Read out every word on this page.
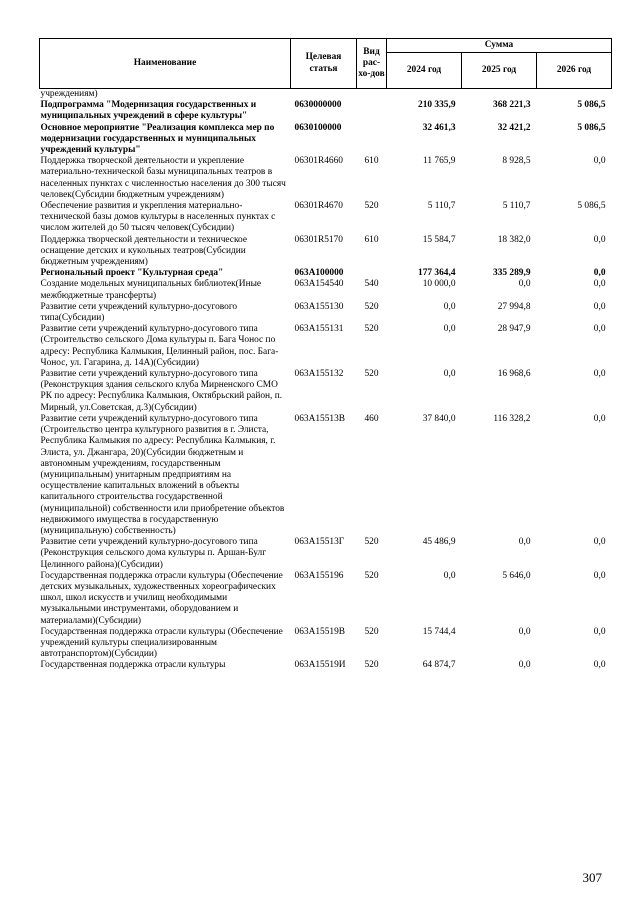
Наименование	Целевая статья	Вид рас-хо-дов	Сумма		
			2024 год	2025 год	2026 год
учреждениям)					
Подпрограмма "Модернизация государственных и муниципальных учреждений в сфере культуры"	0630000000		210 335,9	368 221,3	5 086,5
Основное мероприятие "Реализация комплекса мер по модернизации государственных и муниципальных учреждений культуры"	0630100000		32 461,3	32 421,2	5 086,5
Поддержка творческой деятельности и укрепление материально-технической базы муниципальных театров в населенных пунктах с численностью населения до 300 тысяч человек(Субсидии бюджетным учреждениям)	06301R4660	610	11 765,9	8 928,5	0,0
Обеспечение развития и укрепления материально-технической базы домов культуры в населенных пунктах с числом жителей до 50 тысяч человек(Субсидии)	06301R4670	520	5 110,7	5 110,7	5 086,5
Поддержка творческой деятельности и техническое оснащение детских и кукольных театров(Субсидии бюджетным учреждениям)	06301R5170	610	15 584,7	18 382,0	0,0
Региональный проект "Культурная среда"	063A100000		177 364,4	335 289,9	0,0
Создание модельных муниципальных библиотек(Иные межбюджетные трансферты)	063A154540	540	10 000,0	0,0	0,0
Развитие сети учреждений культурно-досугового типа(Субсидии)	063A155130	520	0,0	27 994,8	0,0
Развитие сети учреждений культурно-досугового типа (Строительство сельского Дома культуры п. Бага Чонос по адресу: Республика Калмыкия, Целинный район, пос. Бага-Чонос, ул. Гагарина, д. 14А)(Субсидии)	063A155131	520	0,0	28 947,9	0,0
Развитие сети учреждений культурно-досугового типа (Реконструкция здания сельского клуба Мирненского СМО РК по адресу: Республика Калмыкия, Октябрьский район, п. Мирный, ул.Советская, д.3)(Субсидии)	063A155132	520	0,0	16 968,6	0,0
Развитие сети учреждений культурно-досугового типа (Строительство центра культурного развития в г. Элиста, Республика Калмыкия по адресу: Республика Калмыкия, г. Элиста, ул. Джангара, 20)(Субсидии бюджетным и автономным учреждениям, государственным (муниципальным) унитарным предприятиям на осуществление капитальных вложений в объекты капитального строительства государственной (муниципальной) собственности или приобретение объектов недвижимого имущества в государственную (муниципальную) собственность)	063A15513В	460	37 840,0	116 328,2	0,0
Развитие сети учреждений культурно-досугового типа (Реконструкция сельского дома культуры п. Аршан-Булг Целинного района)(Субсидии)	063A15513Г	520	45 486,9	0,0	0,0
Государственная поддержка отрасли культуры (Обеспечение детских музыкальных, художественных хореографических школ, школ искусств и училищ необходимыми музыкальными инструментами, оборудованием и материалами)(Субсидии)	063A155196	520	0,0	5 646,0	0,0
Государственная поддержка отрасли культуры (Обеспечение учреждений культуры специализированным автотранспортом)(Субсидии)	063A15519В	520	15 744,4	0,0	0,0
Государственная поддержка отрасли культуры	063A15519И	520	64 874,7	0,0	0,0
307
